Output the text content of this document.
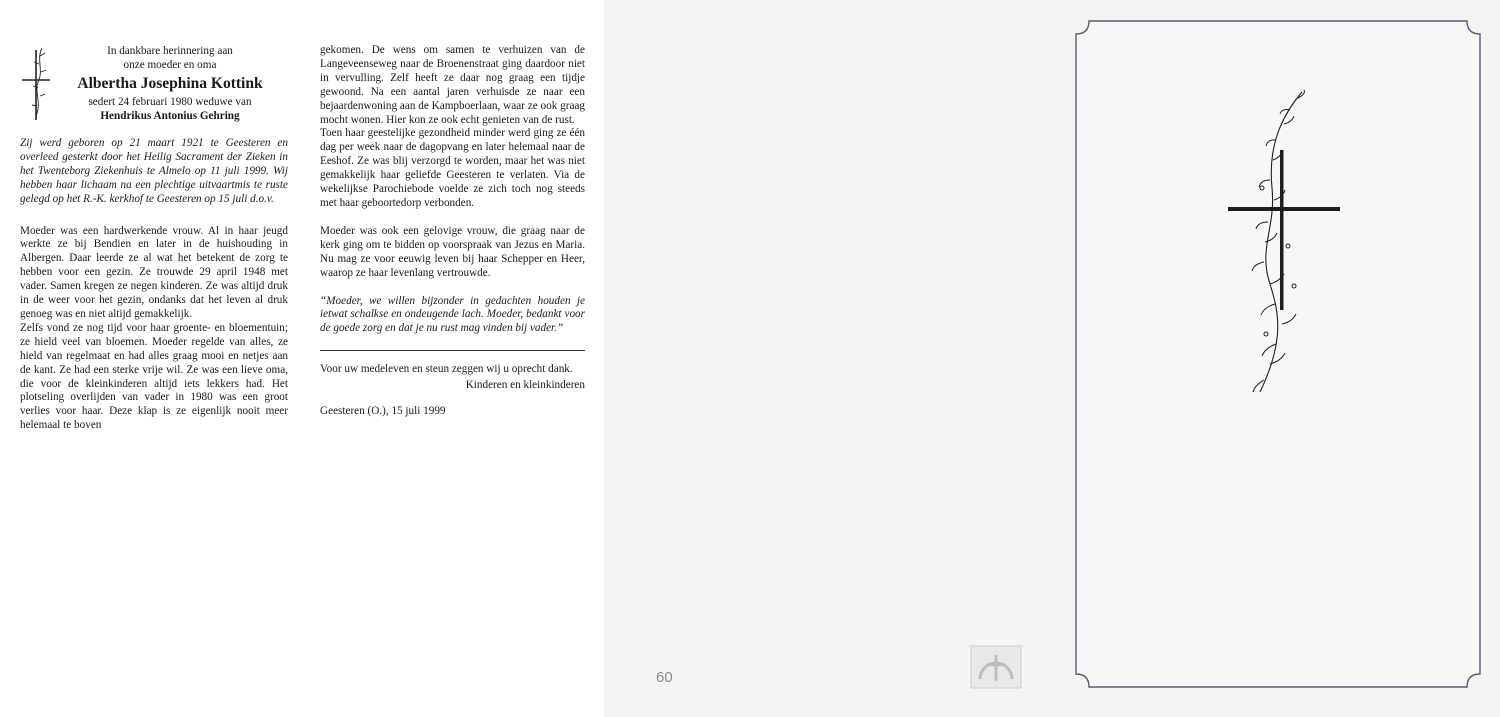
In dankbare herinnering aan

onze moeder en oma

Albertha Josephina Kottink

sedert 24 februari 1980 weduwe van

Hendrikus Antonius Gehring

Zij werd geboren op 21 maart 1921 te Geesteren en overleed gesterkt door het Heilig Sacrament der Zieken in het Twenteborg Ziekenhuis te Almelo op 11 juli 1999. Wij hebben haar lichaam na een plechtige uitvaartmis te ruste gelegd op het R.-K. kerkhof te Geesteren op 15 juli d.o.v.

Moeder was een hardwerkende vrouw. Al in haar jeugd werkte ze bij Bendien en later in de huishouding in Albergen. Daar leerde ze al wat het betekent de zorg te hebben voor een gezin. Ze trouwde 29 april 1948 met vader. Samen kregen ze negen kinderen. Ze was altijd druk in de weer voor het gezin, ondanks dat het leven al druk genoeg was en niet altijd gemakkelijk.

Zelfs vond ze nog tijd voor haar groente- en bloementuin; ze hield veel van bloemen. Moeder regelde van alles, ze hield van regelmaat en had alles graag mooi en netjes aan de kant. Ze had een sterke vrije wil. Ze was een lieve oma, die voor de kleinkinderen altijd iets lekkers had. Het plotseling overlijden van vader in 1980 was een groot verlies voor haar. Deze klap is ze eigenlijk nooit meer helemaal te boven

gekomen. De wens om samen te verhuizen van de Langeveenseweg naar de Broenenstraat ging daardoor niet in vervulling. Zelf heeft ze daar nog graag een tijdje gewoond. Na een aantal jaren verhuisde ze naar een bejaardenwoning aan de Kampboerlaan, waar ze ook graag mocht wonen. Hier kon ze ook echt genieten van de rust.

Toen haar geestelijke gezondheid minder werd ging ze één dag per week naar de dagopvang en later helemaal naar de Eeshof. Ze was blij verzorgd te worden, maar het was niet gemakkelijk haar geliefde Geesteren te verlaten. Via de wekelijkse Parochiebode voelde ze zich toch nog steeds met haar geboortedorp verbonden.

Moeder was ook een gelovige vrouw, die graag naar de kerk ging om te bidden op voorspraak van Jezus en Maria. Nu mag ze voor eeuwig leven bij haar Schepper en Heer, waarop ze haar levenlang vertrouwde.

“Moeder, we willen bijzonder in gedachten houden je ietwat schalkse en ondeugende lach. Moeder, bedankt voor de goede zorg en dat je nu rust mag vinden bij vader.”

Voor uw medeleven en steun zeggen wij u oprecht dank.

Kinderen en kleinkinderen

Geesteren (O.), 15 juli 1999

60
